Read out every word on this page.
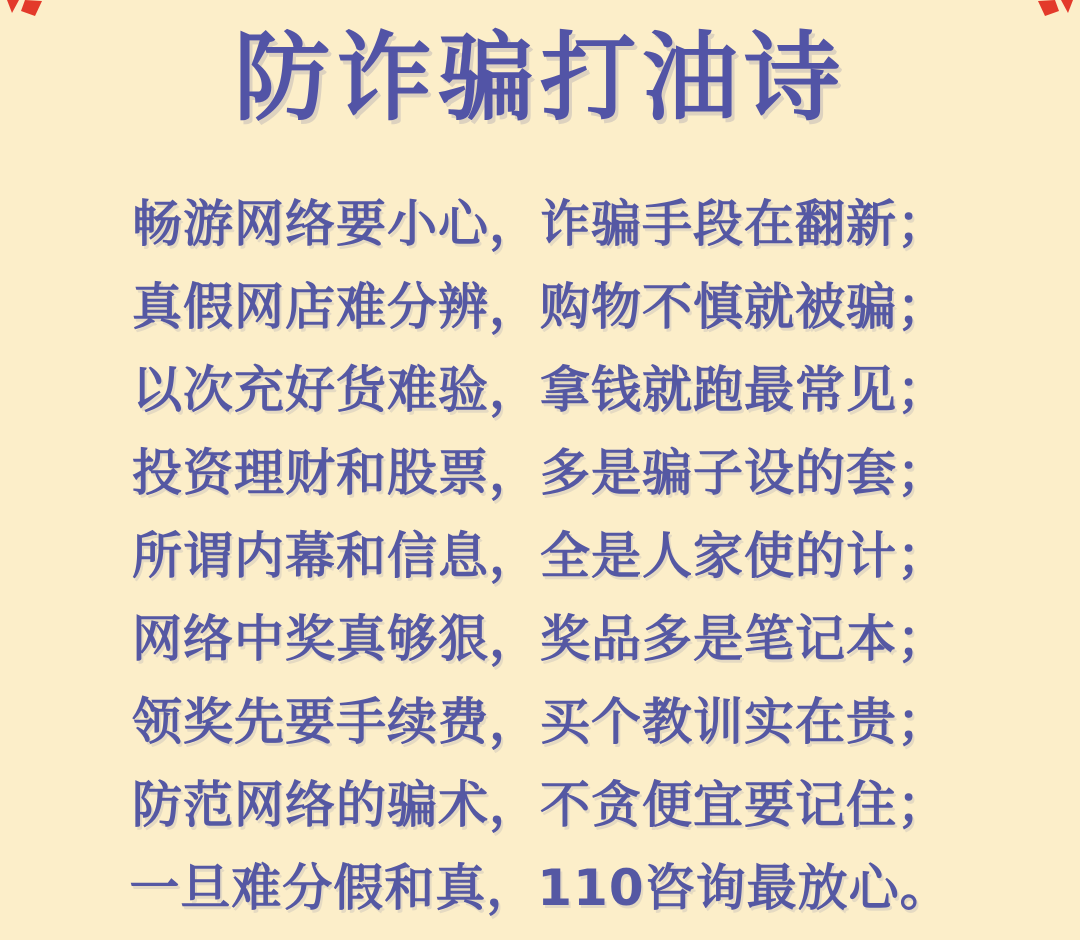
防诈骗打油诗
畅游网络要小心，诈骗手段在翻新；
真假网店难分辨，购物不慎就被骗；
以次充好货难验，拿钱就跑最常见；
投资理财和股票，多是骗子设的套；
所谓内幕和信息，全是人家使的计；
网络中奖真够狠，奖品多是笔记本；
领奖先要手续费，买个教训实在贵；
防范网络的骗术，不贪便宜要记住；
一旦难分假和真，110咨询最放心。
